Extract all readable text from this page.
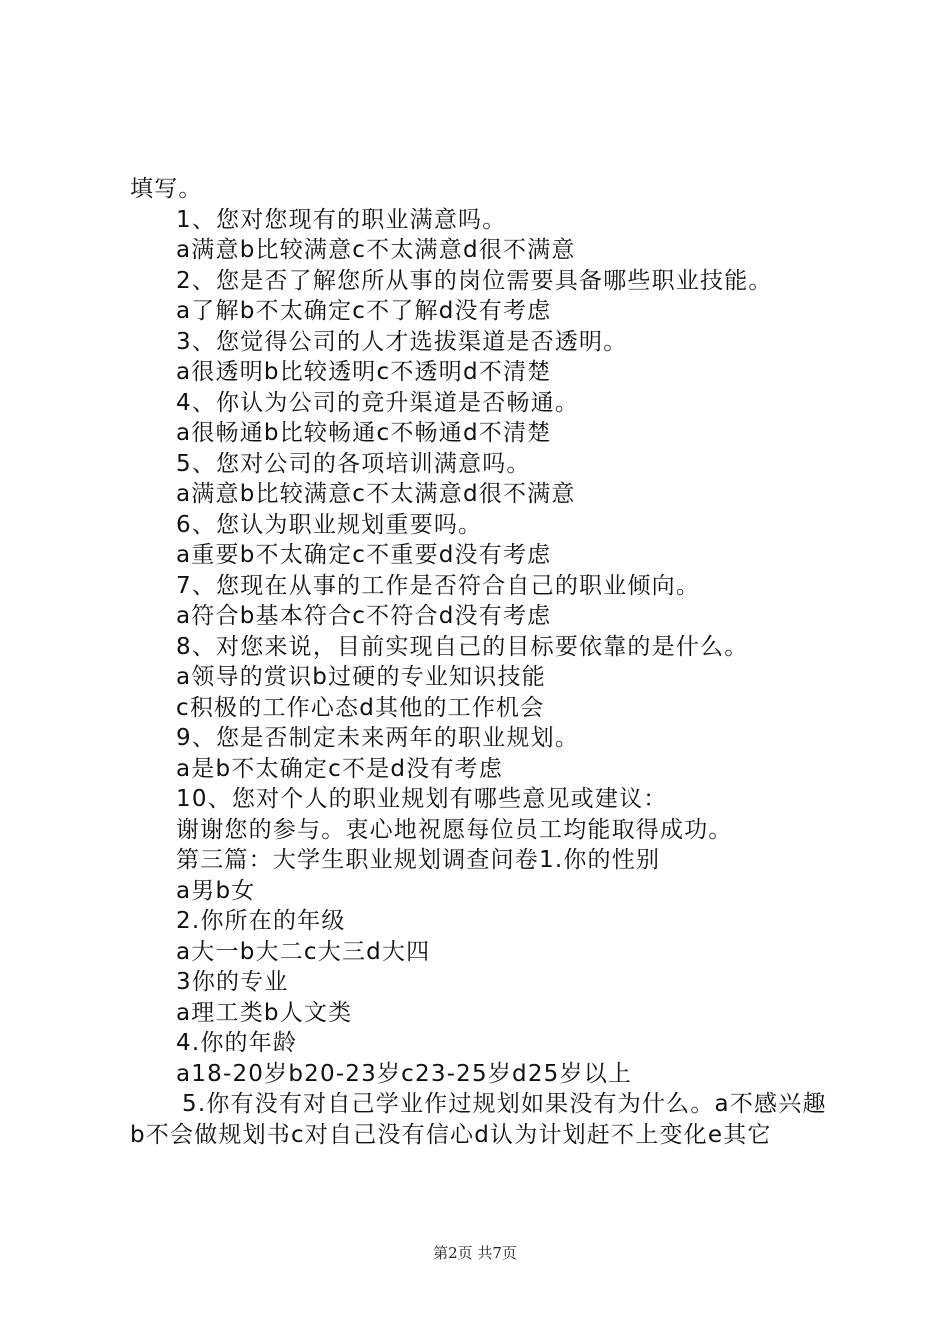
填写。
1、您对您现有的职业满意吗。
a满意b比较满意c不太满意d很不满意
2、您是否了解您所从事的岗位需要具备哪些职业技能。
a了解b不太确定c不了解d没有考虑
3、您觉得公司的人才选拔渠道是否透明。
a很透明b比较透明c不透明d不清楚
4、你认为公司的竞升渠道是否畅通。
a很畅通b比较畅通c不畅通d不清楚
5、您对公司的各项培训满意吗。
a满意b比较满意c不太满意d很不满意
6、您认为职业规划重要吗。
a重要b不太确定c不重要d没有考虑
7、您现在从事的工作是否符合自己的职业倾向。
a符合b基本符合c不符合d没有考虑
8、对您来说，目前实现自己的目标要依靠的是什么。
a领导的赏识b过硬的专业知识技能
c积极的工作心态d其他的工作机会
9、您是否制定未来两年的职业规划。
a是b不太确定c不是d没有考虑
10、您对个人的职业规划有哪些意见或建议：
谢谢您的参与。衷心地祝愿每位员工均能取得成功。
第三篇：大学生职业规划调查问卷1.你的性别
a男b女
2.你所在的年级
a大一b大二c大三d大四
3你的专业
a理工类b人文类
4.你的年龄
a18-20岁b20-23岁c23-25岁d25岁以上
5.你有没有对自己学业作过规划如果没有为什么。a不感兴趣b不会做规划书c对自己没有信心d认为计划赶不上变化e其它
第2页 共7页
